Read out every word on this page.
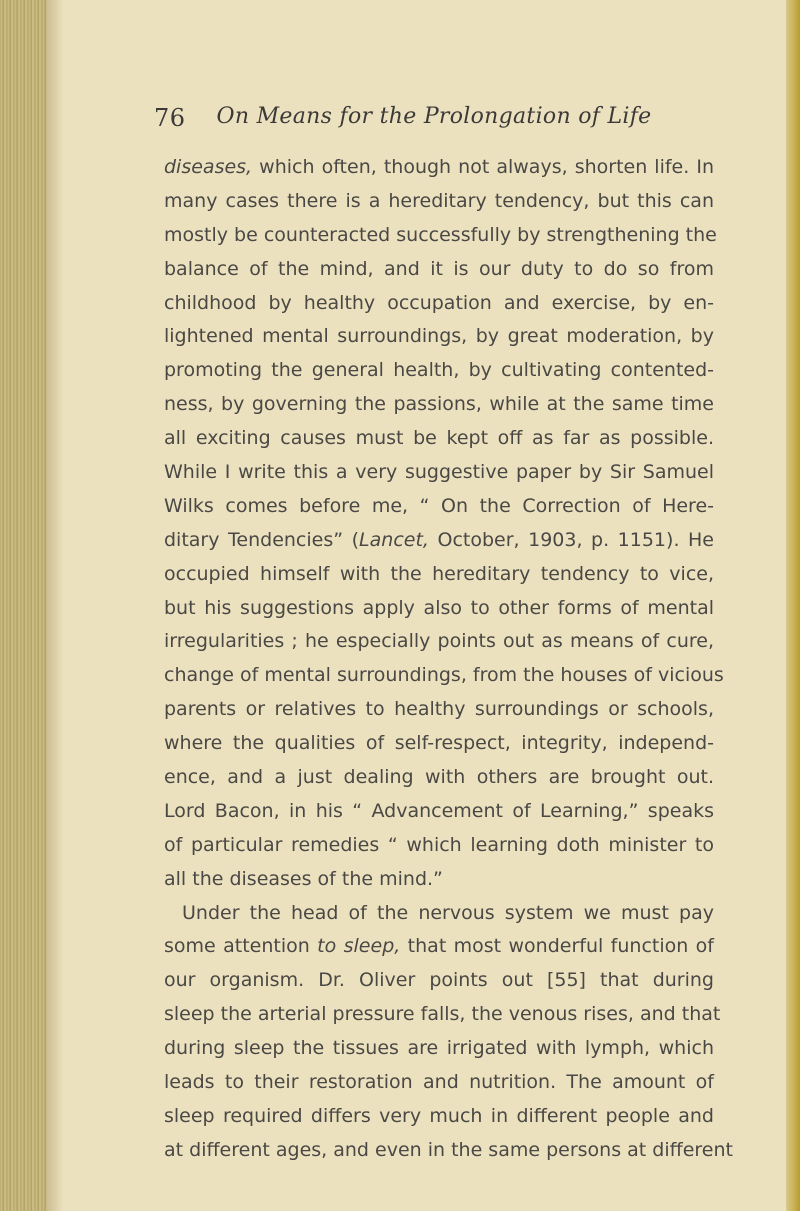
76	On Means for the Prolongation of Life
diseases, which often, though not always, shorten life. In
many cases there is a hereditary tendency, but this can
mostly be counteracted successfully by strengthening the
balance of the mind, and it is our duty to do so from
childhood by healthy occupation and exercise, by en-
lightened mental surroundings, by great moderation, by
promoting the general health, by cultivating contented-
ness, by governing the passions, while at the same time
all exciting causes must be kept off as far as possible.
While I write this a very suggestive paper by Sir Samuel
Wilks comes before me, “ On the Correction of Here-
ditary Tendencies” (Lancet, October, 1903, p. 1151). He
occupied himself with the hereditary tendency to vice,
but his suggestions apply also to other forms of mental
irregularities ; he especially points out as means of cure,
change of mental surroundings, from the houses of vicious
parents or relatives to healthy surroundings or schools,
where the qualities of self-respect, integrity, independ-
ence, and a just dealing with others are brought out.
Lord Bacon, in his “ Advancement of Learning,” speaks
of particular remedies “ which learning doth minister to
all the diseases of the mind.”
Under the head of the nervous system we must pay
some attention to sleep, that most wonderful function of
our organism. Dr. Oliver points out [55] that during
sleep the arterial pressure falls, the venous rises, and that
during sleep the tissues are irrigated with lymph, which
leads to their restoration and nutrition. The amount of
sleep required differs very much in different people and
at different ages, and even in the same persons at different
